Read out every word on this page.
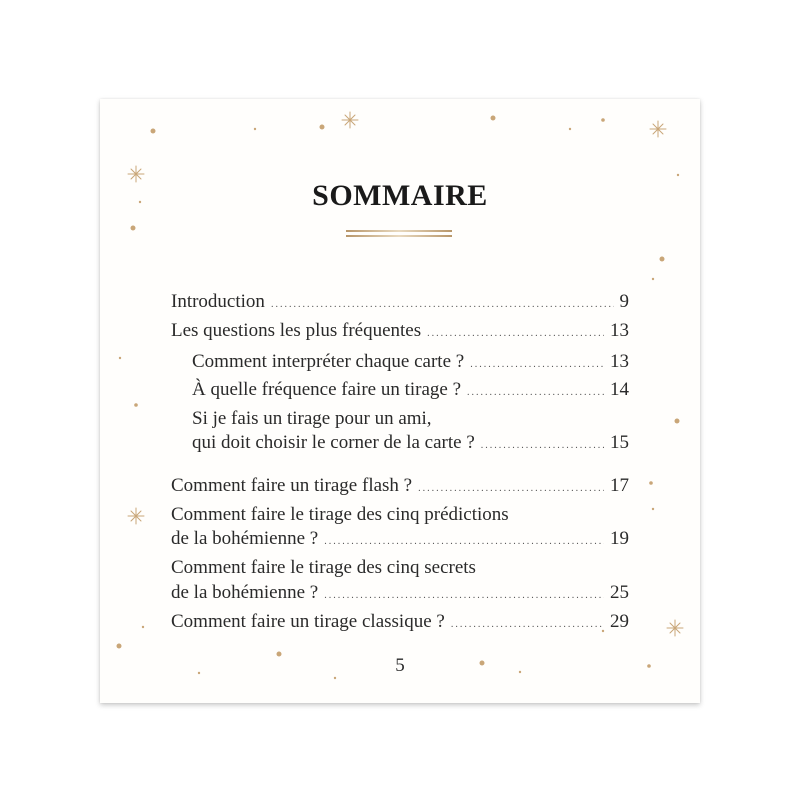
SOMMAIRE
Introduction .....	9
Les questions les plus fréquentes .....	13
Comment interpréter chaque carte ? .....	13
À quelle fréquence faire un tirage ? .....	14
Si je fais un tirage pour un ami,
qui doit choisir le corner de la carte ? .....	15
Comment faire un tirage flash ? .....	17
Comment faire le tirage des cinq prédictions
de la bohémienne ? .....	19
Comment faire le tirage des cinq secrets
de la bohémienne ? .....	25
Comment faire un tirage classique ? .....	29
5
